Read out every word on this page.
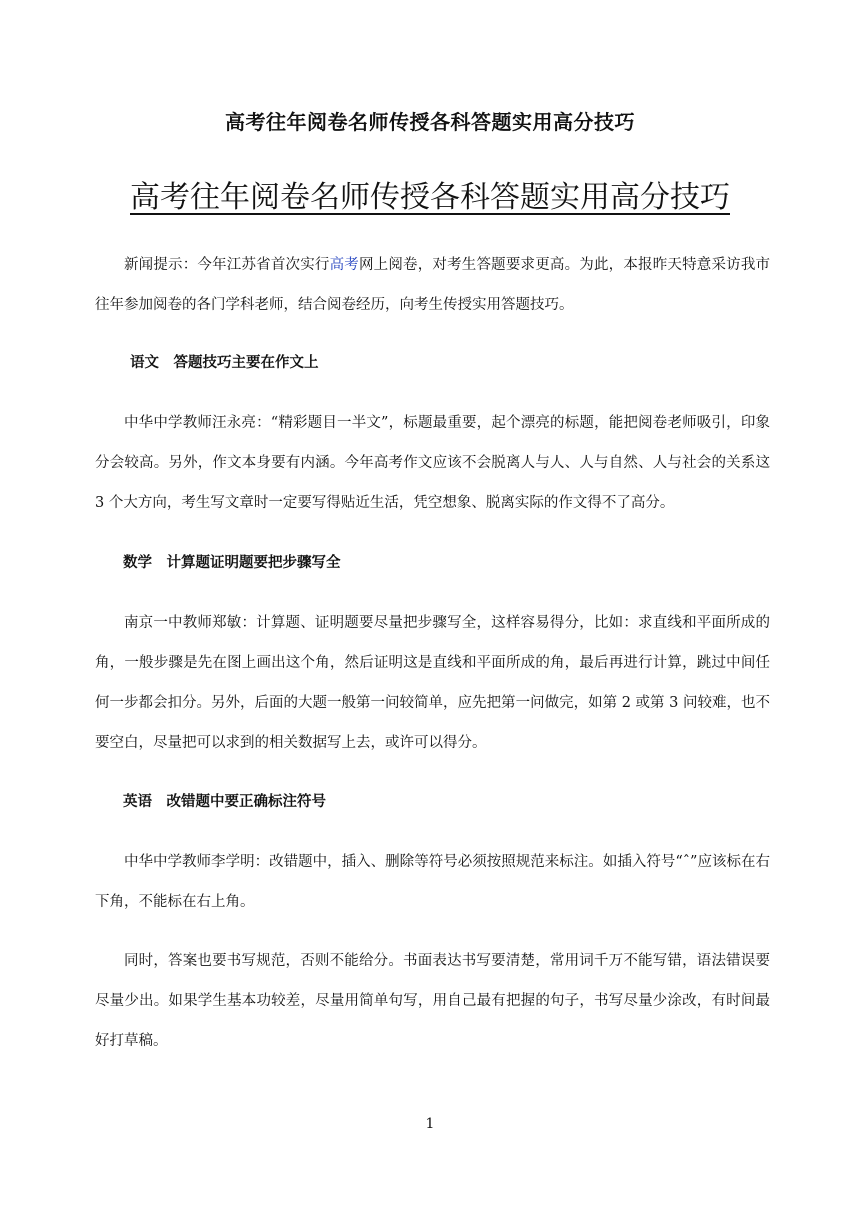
高考往年阅卷名师传授各科答题实用高分技巧
高考往年阅卷名师传授各科答题实用高分技巧

新闻提示：今年江苏省首次实行高考网上阅卷，对考生答题要求更高。为此，本报昨天特意采访我市往年参加阅卷的各门学科老师，结合阅卷经历，向考生传授实用答题技巧。

语文　答题技巧主要在作文上

中华中学教师汪永亮：“精彩题目一半文”，标题最重要，起个漂亮的标题，能把阅卷老师吸引，印象分会较高。另外，作文本身要有内涵。今年高考作文应该不会脱离人与人、人与自然、人与社会的关系这 3 个大方向，考生写文章时一定要写得贴近生活，凭空想象、脱离实际的作文得不了高分。

数学　计算题证明题要把步骤写全

南京一中教师郑敏：计算题、证明题要尽量把步骤写全，这样容易得分，比如：求直线和平面所成的角，一般步骤是先在图上画出这个角，然后证明这是直线和平面所成的角，最后再进行计算，跳过中间任何一步都会扣分。另外，后面的大题一般第一问较简单，应先把第一问做完，如第 2 或第 3 问较难，也不要空白，尽量把可以求到的相关数据写上去，或许可以得分。

英语　改错题中要正确标注符号

中华中学教师李学明：改错题中，插入、删除等符号必须按照规范来标注。如插入符号“ˆ”应该标在右下角，不能标在右上角。

同时，答案也要书写规范，否则不能给分。书面表达书写要清楚，常用词千万不能写错，语法错误要尽量少出。如果学生基本功较差，尽量用简单句写，用自己最有把握的句子，书写尽量少涂改，有时间最好打草稿。

1
